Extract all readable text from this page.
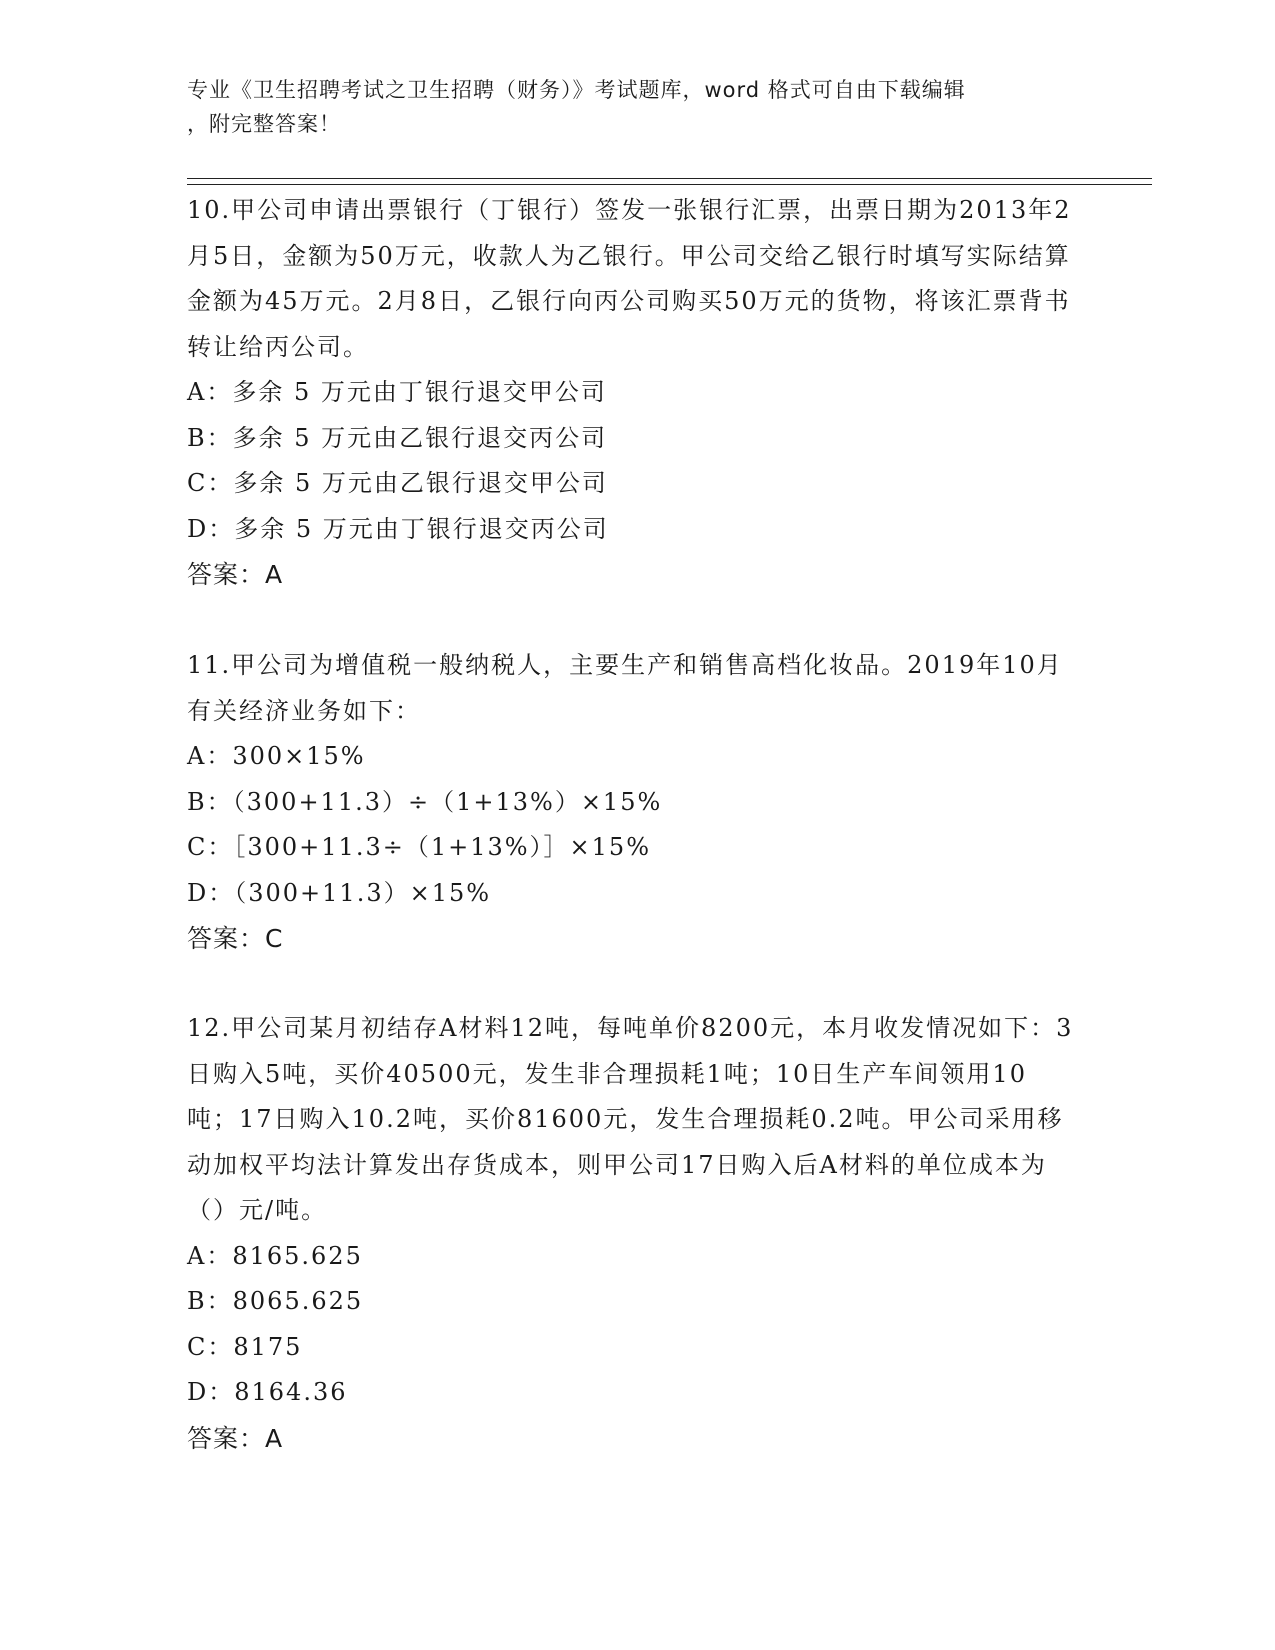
专业《卫生招聘考试之卫生招聘（财务）》考试题库，word 格式可自由下载编辑
，附完整答案！
10.甲公司申请出票银行（丁银行）签发一张银行汇票，出票日期为2013年2月5日，金额为50万元，收款人为乙银行。甲公司交给乙银行时填写实际结算金额为45万元。2月8日，乙银行向丙公司购买50万元的货物，将该汇票背书转让给丙公司。
A：多余 5 万元由丁银行退交甲公司
B：多余 5 万元由乙银行退交丙公司
C：多余 5 万元由乙银行退交甲公司
D：多余 5 万元由丁银行退交丙公司
答案：A
11.甲公司为增值税一般纳税人，主要生产和销售高档化妆品。2019年10月有关经济业务如下：
A：300×15%
B：（300+11.3）÷（1+13%）×15%
C：［300+11.3÷（1+13%）］×15%
D：（300+11.3）×15%
答案：C
12.甲公司某月初结存A材料12吨，每吨单价8200元，本月收发情况如下：3日购入5吨，买价40500元，发生非合理损耗1吨；10日生产车间领用10吨；17日购入10.2吨，买价81600元，发生合理损耗0.2吨。甲公司采用移动加权平均法计算发出存货成本，则甲公司17日购入后A材料的单位成本为（）元/吨。
A：8165.625
B：8065.625
C：8175
D：8164.36
答案：A
